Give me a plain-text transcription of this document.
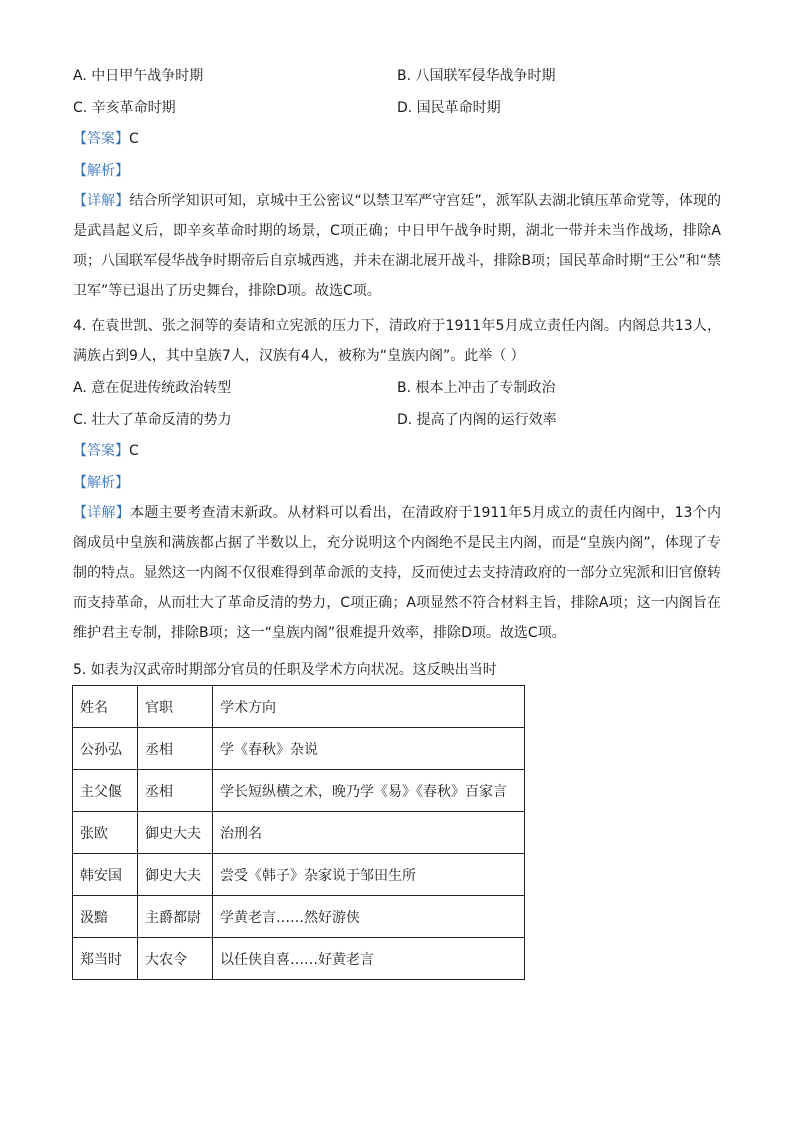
A. 中日甲午战争时期	B. 八国联军侵华战争时期
C. 辛亥革命时期	D. 国民革命时期
【答案】C
【解析】
【详解】结合所学知识可知，京城中王公密议“以禁卫军严守宫廷”，派军队去湖北镇压革命党等，体现的是武昌起义后，即辛亥革命时期的场景，C项正确；中日甲午战争时期，湖北一带并未当作战场，排除A项；八国联军侵华战争时期帝后自京城西逃，并未在湖北展开战斗，排除B项；国民革命时期“王公”和“禁卫军”等已退出了历史舞台，排除D项。故选C项。
4. 在袁世凯、张之洞等的奏请和立宪派的压力下，清政府于1911年5月成立责任内阁。内阁总共13人，满族占到9人，其中皇族7人，汉族有4人，被称为“皇族内阁”。此举（ ）
A. 意在促进传统政治转型	B. 根本上冲击了专制政治
C. 壮大了革命反清的势力	D. 提高了内阁的运行效率
【答案】C
【解析】
【详解】本题主要考查清末新政。从材料可以看出，在清政府于1911年5月成立的责任内阁中，13个内阁成员中皇族和满族都占据了半数以上，充分说明这个内阁绝不是民主内阁，而是“皇族内阁”，体现了专制的特点。显然这一内阁不仅很难得到革命派的支持，反而使过去支持清政府的一部分立宪派和旧官僚转而支持革命，从而壮大了革命反清的势力，C项正确；A项显然不符合材料主旨，排除A项；这一内阁旨在维护君主专制，排除B项；这一“皇族内阁”很难提升效率，排除D项。故选C项。
5. 如表为汉武帝时期部分官员的任职及学术方向状况。这反映出当时
姓名	官职	学术方向
公孙弘	丞相	学《春秋》杂说
主父偃	丞相	学长短纵横之术，晚乃学《易》《春秋》百家言
张欧	御史大夫	治刑名
韩安国	御史大夫	尝受《韩子》杂家说于邹田生所
汲黯	主爵都尉	学黄老言……然好游侠
郑当时	大农令	以任侠自喜……好黄老言
